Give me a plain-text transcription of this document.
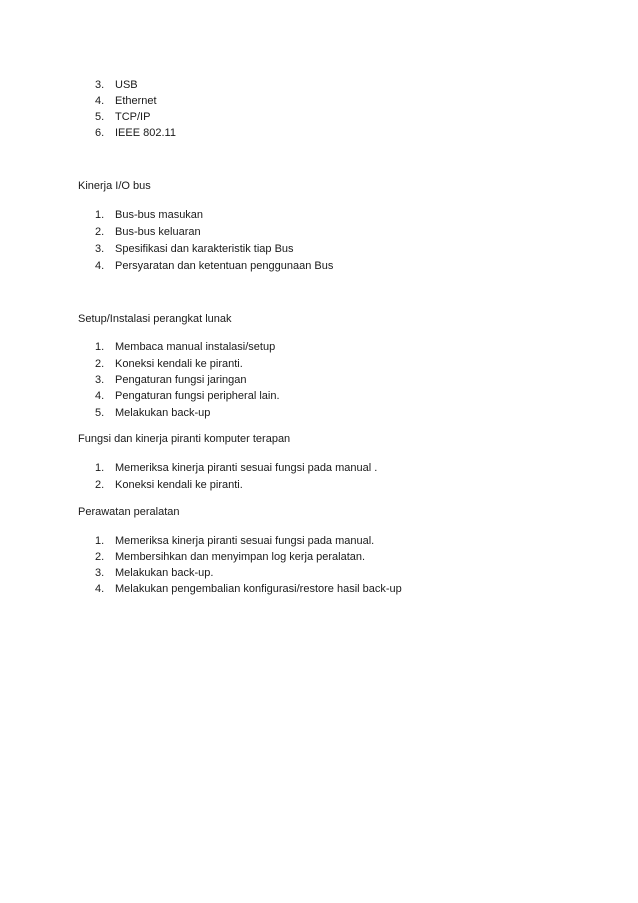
3. USB
4. Ethernet
5. TCP/IP
6. IEEE 802.11
Kinerja I/O bus
1. Bus-bus masukan
2. Bus-bus keluaran
3. Spesifikasi dan karakteristik tiap Bus
4. Persyaratan dan ketentuan penggunaan Bus
Setup/Instalasi perangkat lunak
1. Membaca manual instalasi/setup
2. Koneksi kendali ke piranti.
3. Pengaturan fungsi jaringan
4. Pengaturan fungsi peripheral lain.
5. Melakukan back-up
Fungsi dan kinerja piranti komputer terapan
1. Memeriksa kinerja piranti sesuai fungsi pada manual .
2. Koneksi kendali ke piranti.
Perawatan peralatan
1. Memeriksa kinerja piranti sesuai fungsi pada manual.
2. Membersihkan dan menyimpan log kerja peralatan.
3. Melakukan back-up.
4. Melakukan pengembalian konfigurasi/restore hasil back-up
